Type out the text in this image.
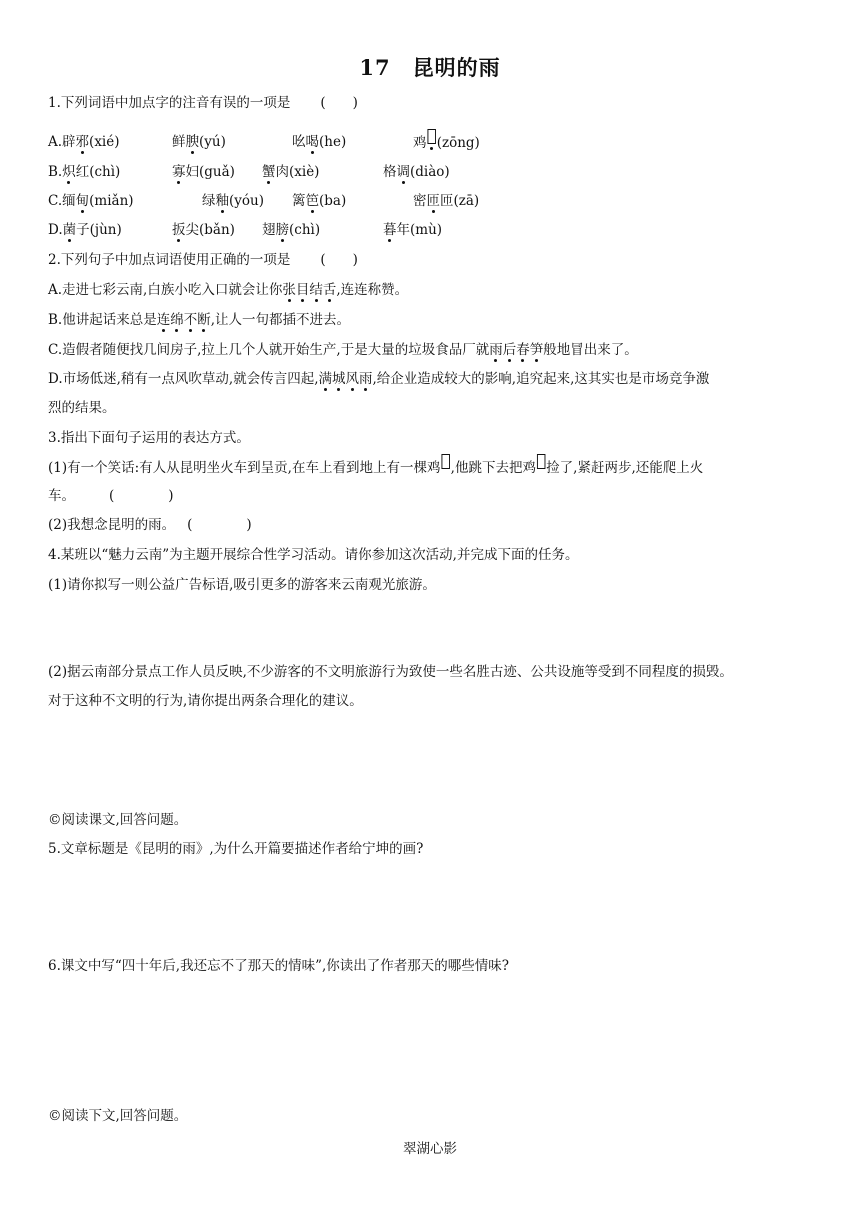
17 昆明的雨
1.下列词语中加点字的注音有误的一项是 (　　)
A.辟邪(xié)	鲜腴(yú)	吆喝(he)	鸡𦵗(zōng)
B.炽红(chì)	寡妇(guǎ) 蟹肉(xiè)	格调(diào)
C.缅甸(miǎn)	绿釉(yóu) 篱笆(ba)	密匝匝(zā)
D.菌子(jùn)	扳尖(bǎn) 翅膀(chì)	暮年(mù)
2.下列句子中加点词语使用正确的一项是 (　　)
A.走进七彩云南,白族小吃入口就会让你张目结舌,连连称赞。
B.他讲起话来总是连绵不断,让人一句都插不进去。
C.造假者随便找几间房子,拉上几个人就开始生产,于是大量的垃圾食品厂就雨后春笋般地冒出来了。
D.市场低迷,稍有一点风吹草动,就会传言四起,满城风雨,给企业造成较大的影响,追究起来,这其实也是市场竞争激
烈的结果。
3.指出下面句子运用的表达方式。
(1)有一个笑话:有人从昆明坐火车到呈贡,在车上看到地上有一棵鸡𦵗,他跳下去把鸡𦵗捡了,紧赶两步,还能爬上火
车。	(　　　　)
(2)我想念昆明的雨。 (　　　　)
4.某班以“魅力云南”为主题开展综合性学习活动。请你参加这次活动,并完成下面的任务。
(1)请你拟写一则公益广告标语,吸引更多的游客来云南观光旅游。
(2)据云南部分景点工作人员反映,不少游客的不文明旅游行为致使一些名胜古迹、公共设施等受到不同程度的损毁。
对于这种不文明的行为,请你提出两条合理化的建议。
©阅读课文,回答问题。
5.文章标题是《昆明的雨》,为什么开篇要描述作者给宁坤的画?
6.课文中写“四十年后,我还忘不了那天的情味”,你读出了作者那天的哪些情味?
©阅读下文,回答问题。
翠湖心影
